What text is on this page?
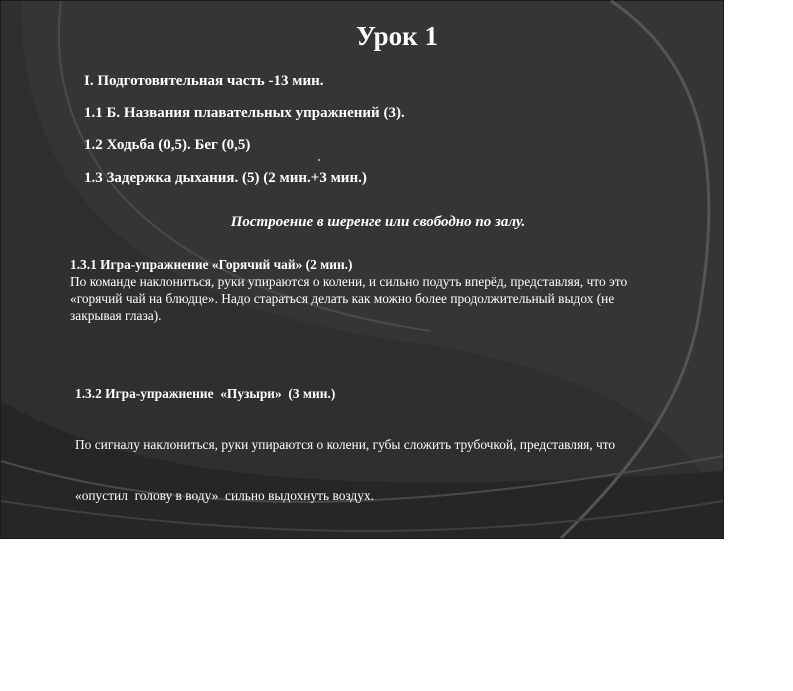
Урок 1
I. Подготовительная часть -13 мин.
1.1 Б. Названия плавательных упражнений (3).
1.2 Ходьба (0,5). Бег (0,5)
1.3 Задержка дыхания. (5) (2 мин.+3 мин.)
Построение в шеренге или свободно по залу.
1.3.1 Игра-упражнение «Горячий чай» (2 мин.)
По команде наклониться, руки упираются о колени, и сильно подуть вперёд, представляя, что это
«горячий чай на блюдце». Надо стараться делать как можно более продолжительный выдох (не
закрывая глаза).

1.3.2 Игра-упражнение  «Пузыри»  (3 мин.)

По сигналу наклониться, руки упираются о колени, губы сложить трубочкой, представляя, что

«опустил  голову в воду»  сильно выдохнуть воздух.

Вариант усложнения игры:

- сложить губы трубочкой и выдыхать очень тоненькой струйкой быстро или медленно;

- сложить губы трубочкой и выдыхать обычно.
